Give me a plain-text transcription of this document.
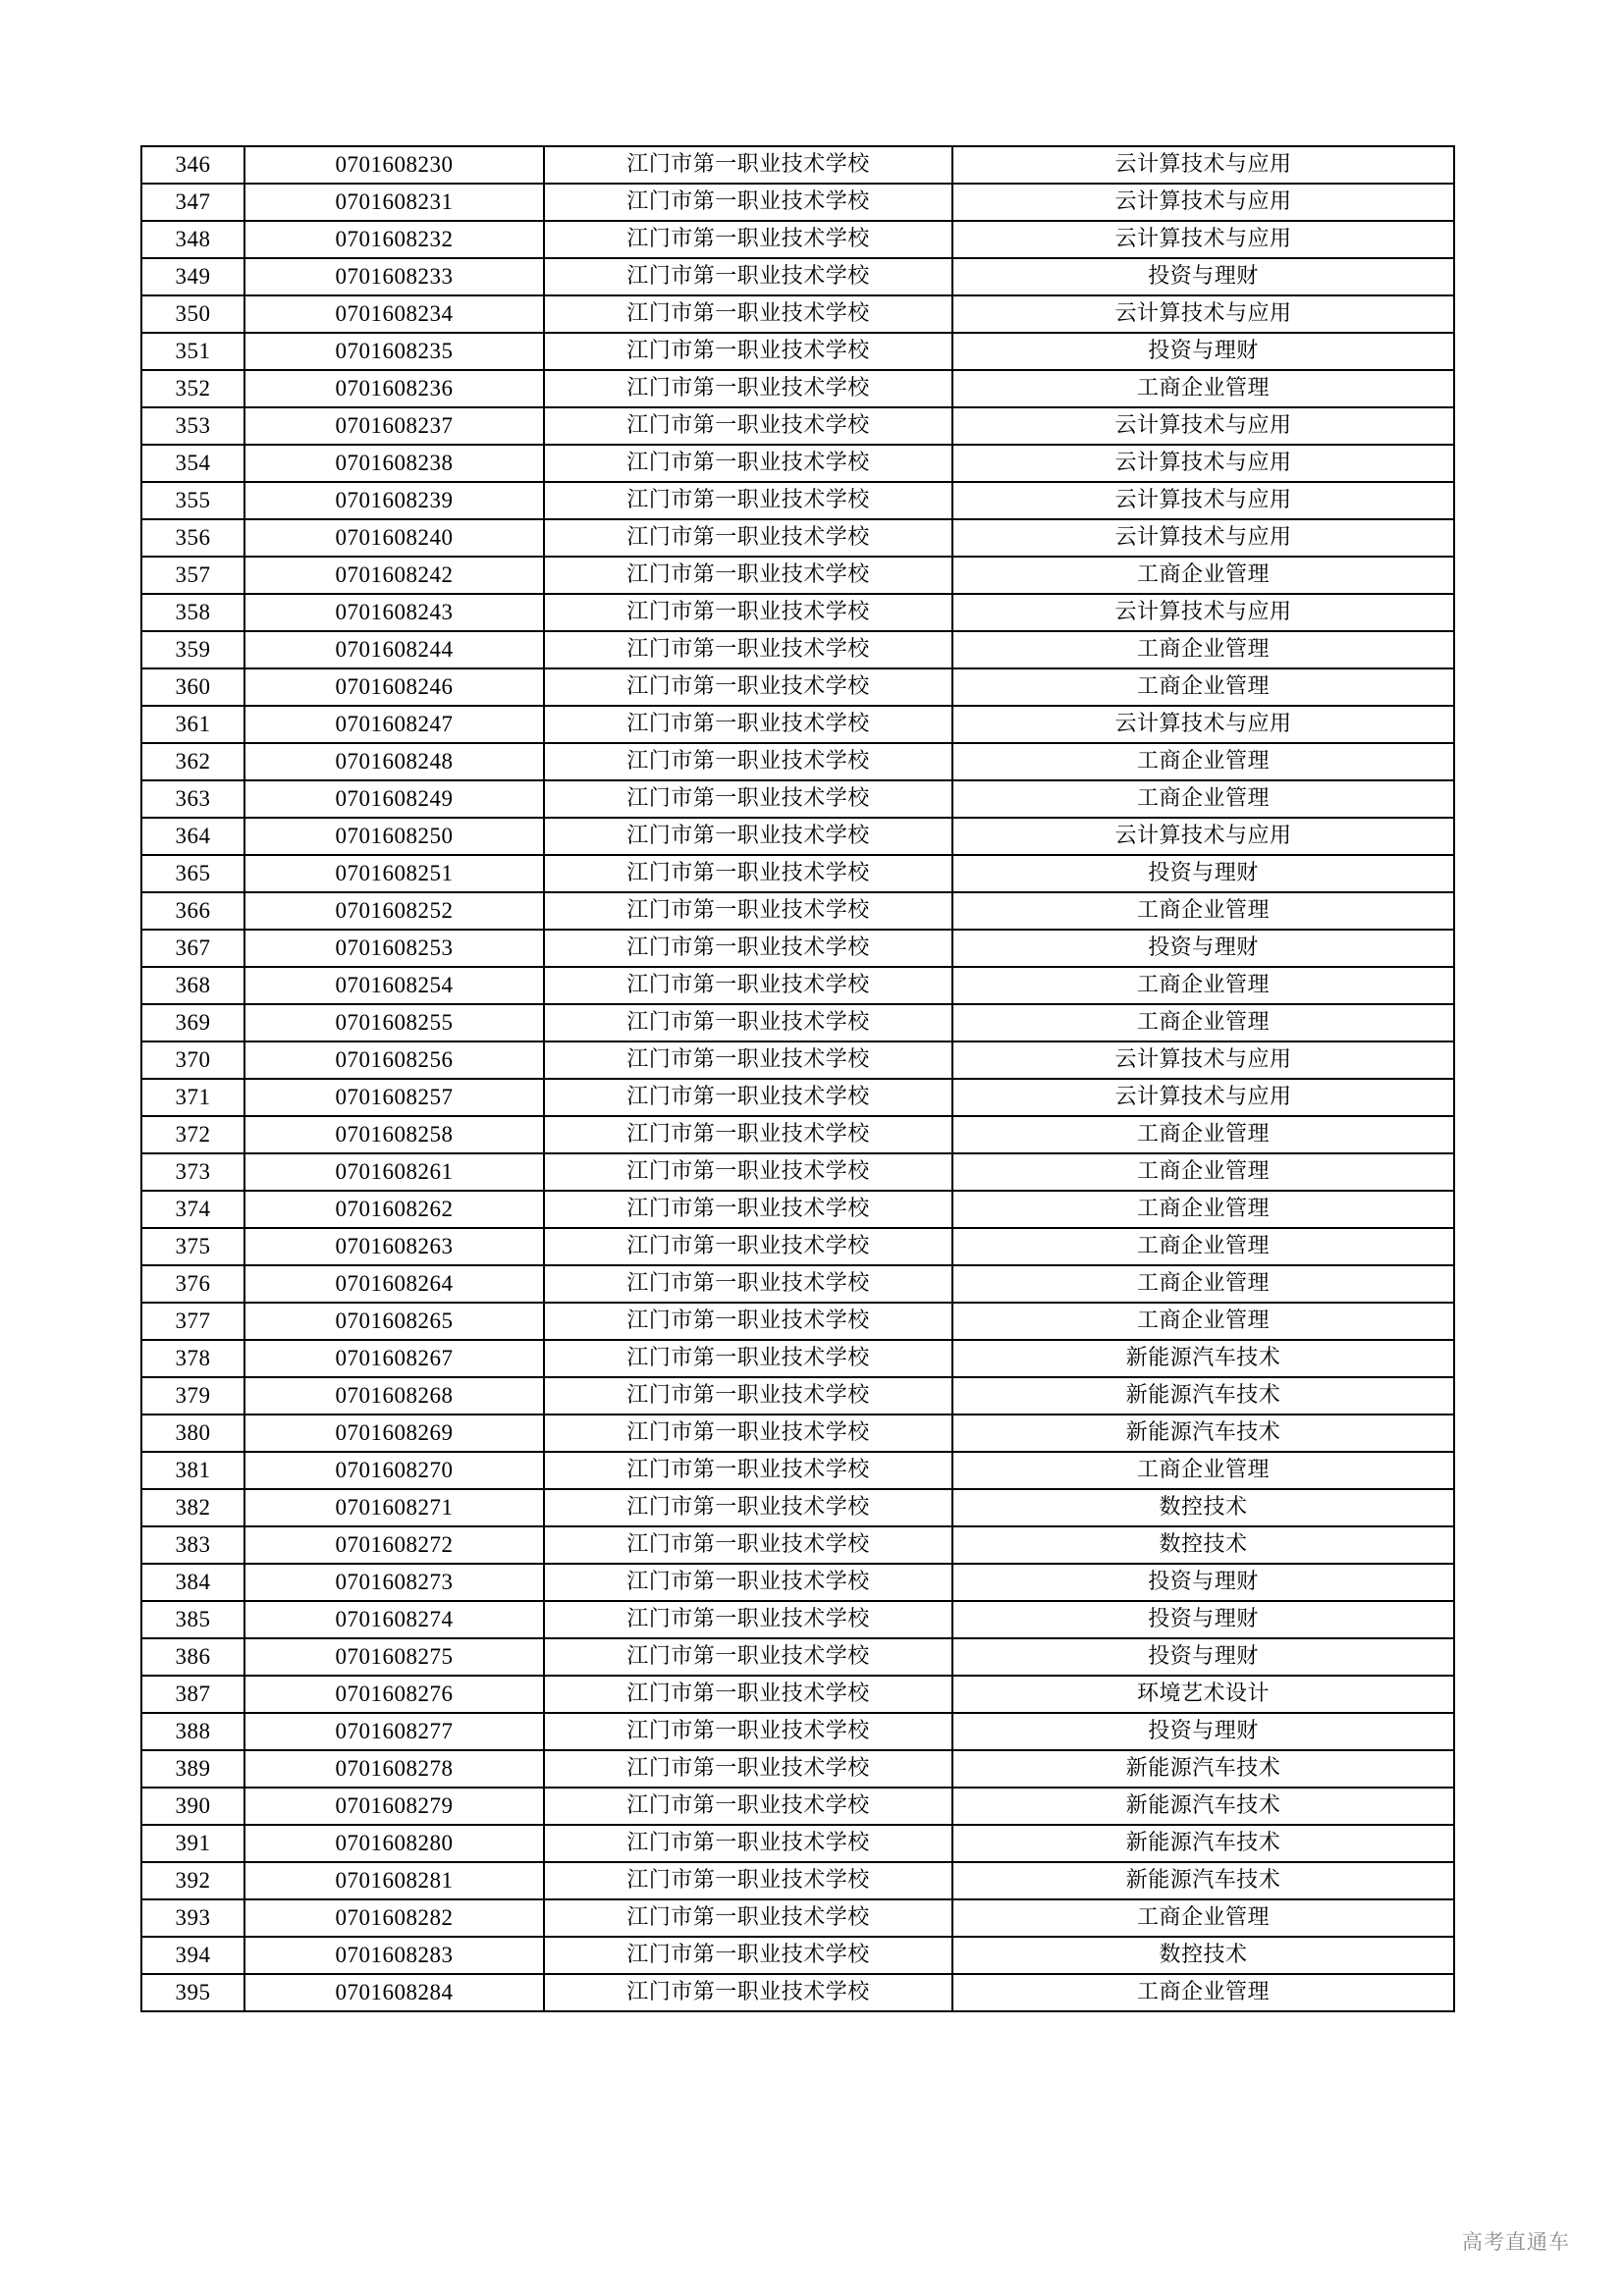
346	0701608230	江门市第一职业技术学校	云计算技术与应用
347	0701608231	江门市第一职业技术学校	云计算技术与应用
348	0701608232	江门市第一职业技术学校	云计算技术与应用
349	0701608233	江门市第一职业技术学校	投资与理财
350	0701608234	江门市第一职业技术学校	云计算技术与应用
351	0701608235	江门市第一职业技术学校	投资与理财
352	0701608236	江门市第一职业技术学校	工商企业管理
353	0701608237	江门市第一职业技术学校	云计算技术与应用
354	0701608238	江门市第一职业技术学校	云计算技术与应用
355	0701608239	江门市第一职业技术学校	云计算技术与应用
356	0701608240	江门市第一职业技术学校	云计算技术与应用
357	0701608242	江门市第一职业技术学校	工商企业管理
358	0701608243	江门市第一职业技术学校	云计算技术与应用
359	0701608244	江门市第一职业技术学校	工商企业管理
360	0701608246	江门市第一职业技术学校	工商企业管理
361	0701608247	江门市第一职业技术学校	云计算技术与应用
362	0701608248	江门市第一职业技术学校	工商企业管理
363	0701608249	江门市第一职业技术学校	工商企业管理
364	0701608250	江门市第一职业技术学校	云计算技术与应用
365	0701608251	江门市第一职业技术学校	投资与理财
366	0701608252	江门市第一职业技术学校	工商企业管理
367	0701608253	江门市第一职业技术学校	投资与理财
368	0701608254	江门市第一职业技术学校	工商企业管理
369	0701608255	江门市第一职业技术学校	工商企业管理
370	0701608256	江门市第一职业技术学校	云计算技术与应用
371	0701608257	江门市第一职业技术学校	云计算技术与应用
372	0701608258	江门市第一职业技术学校	工商企业管理
373	0701608261	江门市第一职业技术学校	工商企业管理
374	0701608262	江门市第一职业技术学校	工商企业管理
375	0701608263	江门市第一职业技术学校	工商企业管理
376	0701608264	江门市第一职业技术学校	工商企业管理
377	0701608265	江门市第一职业技术学校	工商企业管理
378	0701608267	江门市第一职业技术学校	新能源汽车技术
379	0701608268	江门市第一职业技术学校	新能源汽车技术
380	0701608269	江门市第一职业技术学校	新能源汽车技术
381	0701608270	江门市第一职业技术学校	工商企业管理
382	0701608271	江门市第一职业技术学校	数控技术
383	0701608272	江门市第一职业技术学校	数控技术
384	0701608273	江门市第一职业技术学校	投资与理财
385	0701608274	江门市第一职业技术学校	投资与理财
386	0701608275	江门市第一职业技术学校	投资与理财
387	0701608276	江门市第一职业技术学校	环境艺术设计
388	0701608277	江门市第一职业技术学校	投资与理财
389	0701608278	江门市第一职业技术学校	新能源汽车技术
390	0701608279	江门市第一职业技术学校	新能源汽车技术
391	0701608280	江门市第一职业技术学校	新能源汽车技术
392	0701608281	江门市第一职业技术学校	新能源汽车技术
393	0701608282	江门市第一职业技术学校	工商企业管理
394	0701608283	江门市第一职业技术学校	数控技术
395	0701608284	江门市第一职业技术学校	工商企业管理
高考直通车
